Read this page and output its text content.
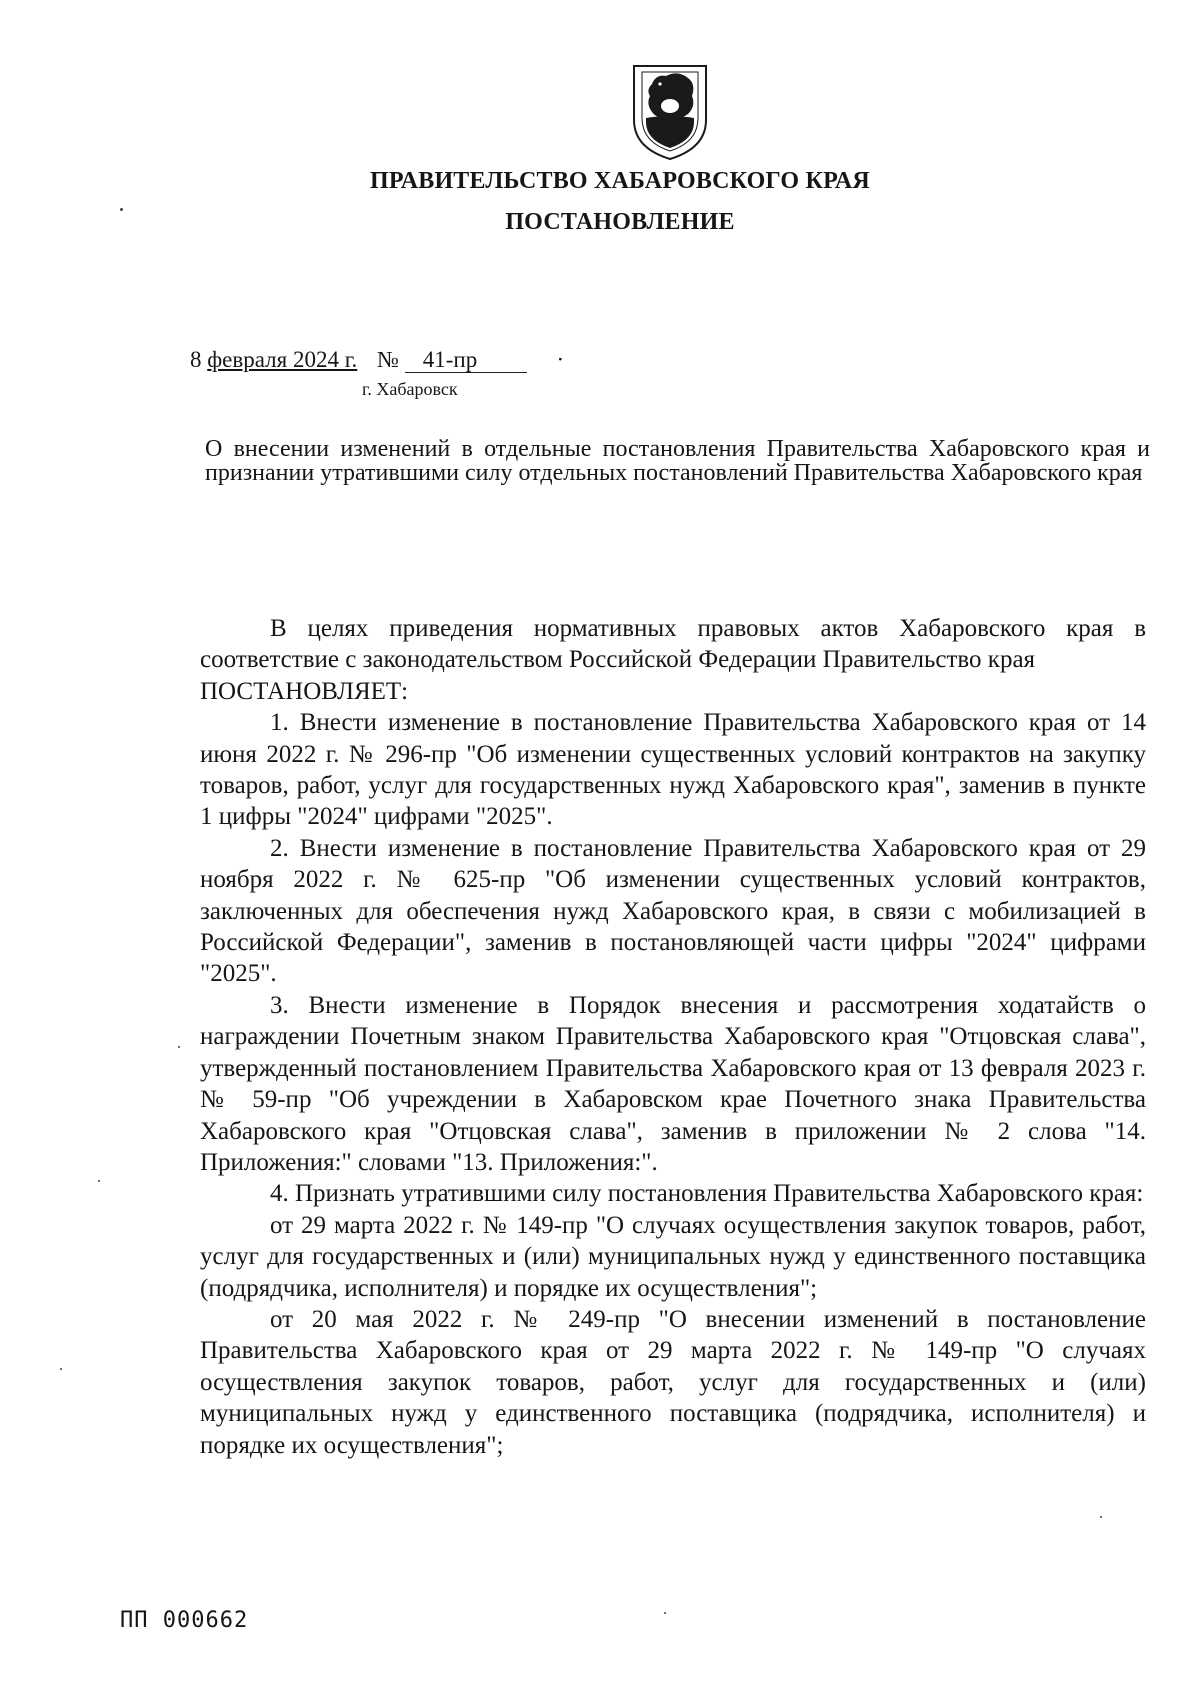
ПРАВИТЕЛЬСТВО ХАБАРОВСКОГО КРАЯ
ПОСТАНОВЛЕНИЕ
8 февраля 2024 г. № 41-пр	·
г. Хабаровск
О внесении изменений в отдельные постановления Правительства Хабаровского края и признании утратившими силу отдельных постановлений Правительства Хабаровского края

В целях приведения нормативных правовых актов Хабаровского края в соответствие с законодательством Российской Федерации Правительство края

ПОСТАНОВЛЯЕТ:

1. Внести изменение в постановление Правительства Хабаровского края от 14 июня 2022 г. № 296-пр "Об изменении существенных условий контрактов на закупку товаров, работ, услуг для государственных нужд Хабаровского края", заменив в пункте 1 цифры "2024" цифрами "2025".

2. Внести изменение в постановление Правительства Хабаровского края от 29 ноября 2022 г. № 625-пр "Об изменении существенных условий контрактов, заключенных для обеспечения нужд Хабаровского края, в связи с мобилизацией в Российской Федерации", заменив в постановляющей части цифры "2024" цифрами "2025".

3. Внести изменение в Порядок внесения и рассмотрения ходатайств о награждении Почетным знаком Правительства Хабаровского края "Отцовская слава", утвержденный постановлением Правительства Хабаровского края от 13 февраля 2023 г. № 59-пр "Об учреждении в Хабаровском крае Почетного знака Правительства Хабаровского края "Отцовская слава", заменив в приложении № 2 слова "14. Приложения:" словами "13. Приложения:".

4. Признать утратившими силу постановления Правительства Хабаровского края:

от 29 марта 2022 г. № 149-пр "О случаях осуществления закупок товаров, работ, услуг для государственных и (или) муниципальных нужд у единственного поставщика (подрядчика, исполнителя) и порядке их осуществления";

от 20 мая 2022 г. № 249-пр "О внесении изменений в постановление Правительства Хабаровского края от 29 марта 2022 г. № 149-пр "О случаях осуществления закупок товаров, работ, услуг для государственных и (или) муниципальных нужд у единственного поставщика (подрядчика, исполнителя) и порядке их осуществления";

ПП 000662
